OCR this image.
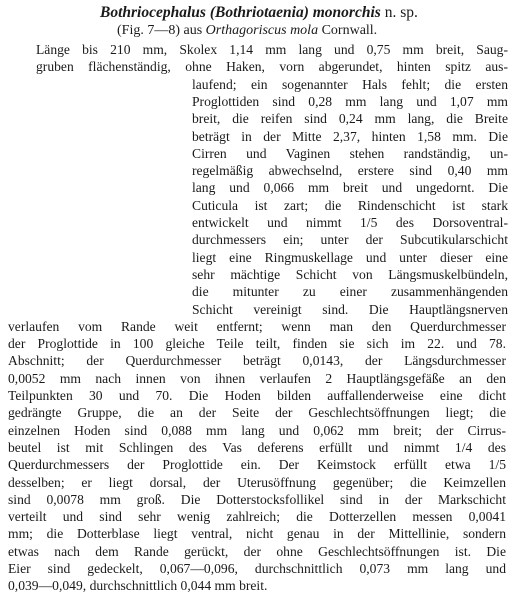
Bothriocephalus (Bothriotaenia) monorchis n. sp.
(Fig. 7—8) aus Orthagoriscus mola Cornwall.
Länge bis 210 mm, Skolex 1,14 mm lang und 0,75 mm breit, Saug-
gruben flächenständig, ohne Haken, vorn abgerundet, hinten spitz aus-
laufend; ein sogenannter Hals fehlt; die ersten
Proglottiden sind 0,28 mm lang und 1,07 mm
breit, die reifen sind 0,24 mm lang, die Breite
beträgt in der Mitte 2,37, hinten 1,58 mm. Die
Cirren und Vaginen stehen randständig, un-
regelmäßig abwechselnd, erstere sind 0,40 mm
lang und 0,066 mm breit und ungedornt. Die
Cuticula ist zart; die Rindenschicht ist stark
entwickelt und nimmt 1/5 des Dorsoventral-
durchmessers ein; unter der Subcutikularschicht
liegt eine Ringmuskellage und unter dieser eine
sehr mächtige Schicht von Längsmuskelbündeln,
die mitunter zu einer zusammenhängenden
Schicht vereinigt sind. Die Hauptlängsnerven
verlaufen vom Rande weit entfernt; wenn man den Querdurchmesser
der Proglottide in 100 gleiche Teile teilt, finden sie sich im 22. und 78.
Abschnitt; der Querdurchmesser beträgt 0,0143, der Längsdurchmesser
0,0052 mm nach innen von ihnen verlaufen 2 Hauptlängsgefäße an den
Teilpunkten 30 und 70. Die Hoden bilden auffallenderweise eine dicht
gedrängte Gruppe, die an der Seite der Geschlechtsöffnungen liegt; die
einzelnen Hoden sind 0,088 mm lang und 0,062 mm breit; der Cirrus-
beutel ist mit Schlingen des Vas deferens erfüllt und nimmt 1/4 des
Querdurchmessers der Proglottide ein. Der Keimstock erfüllt etwa 1/5
desselben; er liegt dorsal, der Uterusöffnung gegenüber; die Keimzellen
sind 0,0078 mm groß. Die Dotterstocksfollikel sind in der Markschicht
verteilt und sind sehr wenig zahlreich; die Dotterzellen messen 0,0041
mm; die Dotterblase liegt ventral, nicht genau in der Mittellinie, sondern
etwas nach dem Rande gerückt, der ohne Geschlechtsöffnungen ist. Die
Eier sind gedeckelt, 0,067—0,096, durchschnittlich 0,073 mm lang und
0,039—0,049, durchschnittlich 0,044 mm breit.
